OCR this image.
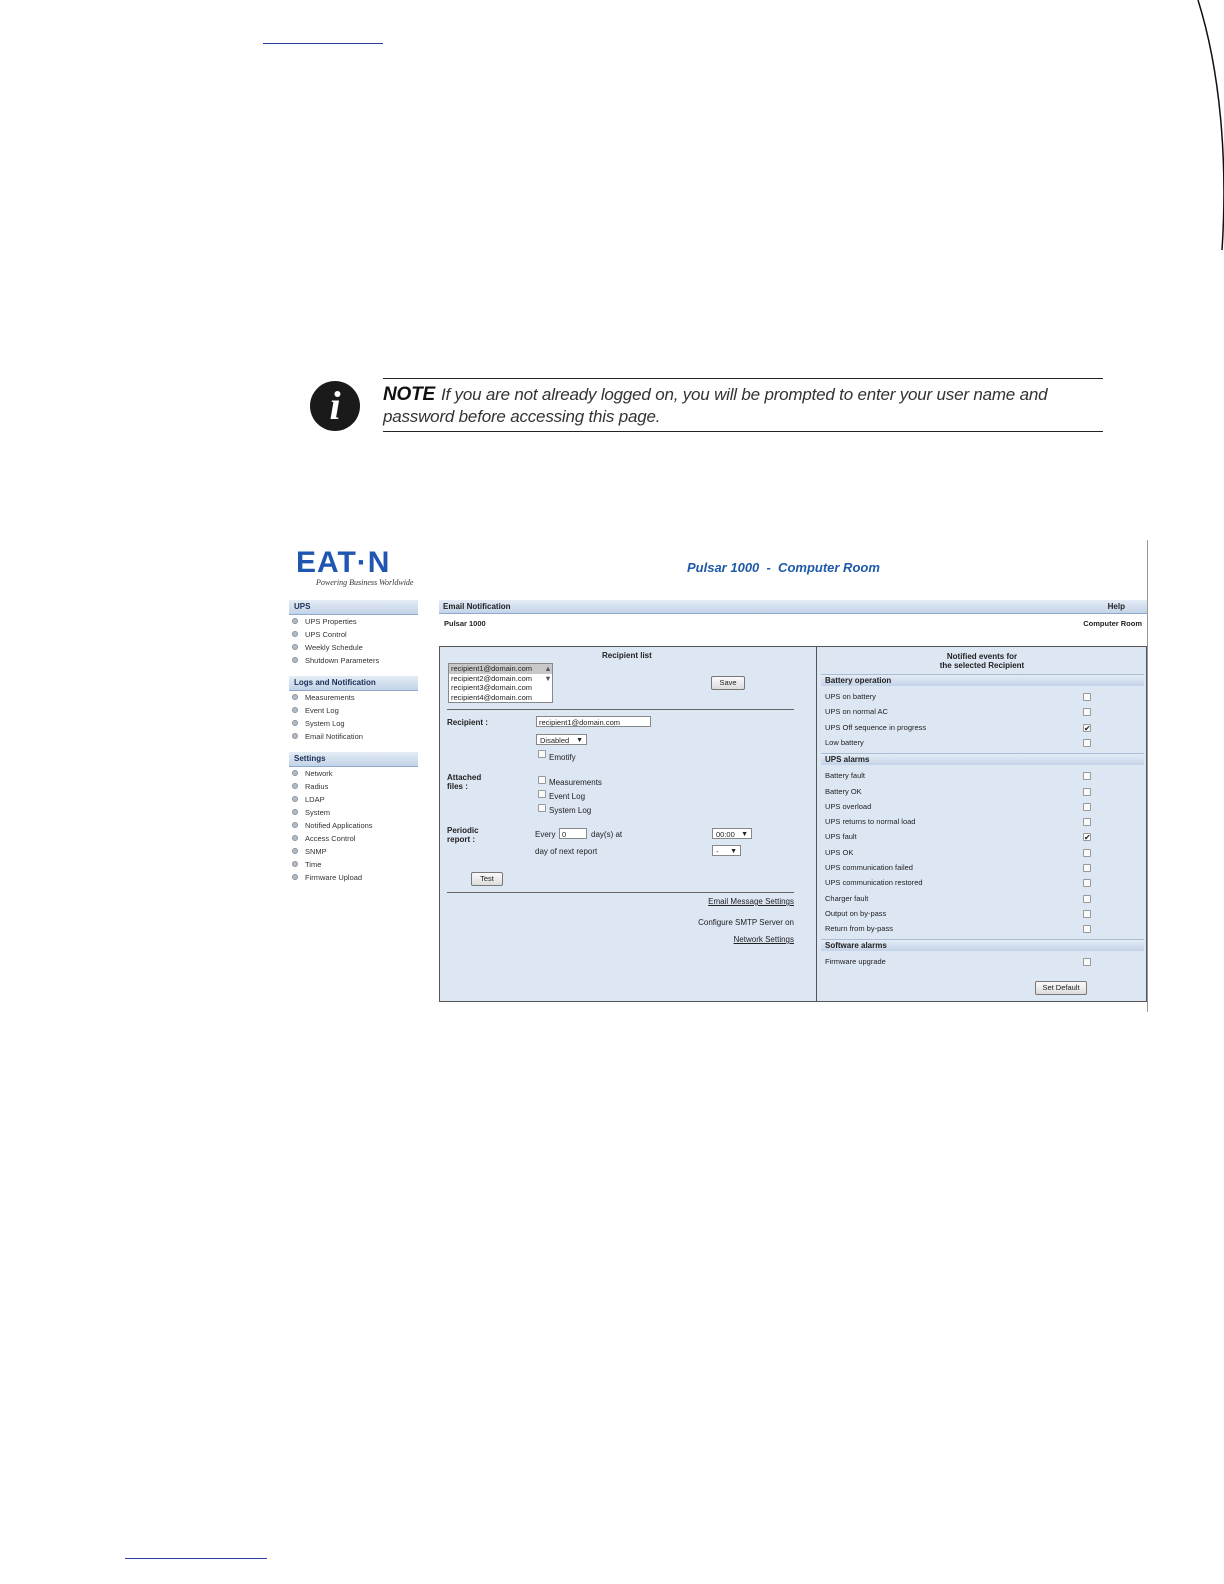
i	NOTE If you are not already logged on, you will be prompted to enter your user name and password before accessing this page.
EAT·N
Powering Business Worldwide
Pulsar 1000  -  Computer Room
UPS
UPS Properties
UPS Control
Weekly Schedule
Shutdown Parameters
Logs and Notification
Measurements
Event Log
System Log
Email Notification
Settings
Network
Radius
LDAP
System
Notified Applications
Access Control
SNMP
Time
Firmware Upload
Email Notification	Help
Pulsar 1000	Computer Room
Recipient list
recipient1@domain.com
recipient2@domain.com
recipient3@domain.com
recipient4@domain.com
▲
▼	Save
Recipient :	recipient1@domain.com
Disabled ▼
Emotify
Attached
files :	Measurements
Event Log
System Log
Periodic
report :
Every 0	day(s) at	00:00 ▼
day of next report	- ▼
Test
Email Message Settings
Configure SMTP Server on
Network Settings
Notified events for
the selected Recipient
Set Default
Battery operation
UPS on battery
UPS on normal AC
UPS Off sequence in progress	✔
Low battery
UPS alarms
Battery fault
Battery OK
UPS overload
UPS returns to normal load
UPS fault	✔
UPS OK
UPS communication failed
UPS communication restored
Charger fault
Output on by-pass
Return from by-pass
Software alarms
Firmware upgrade
